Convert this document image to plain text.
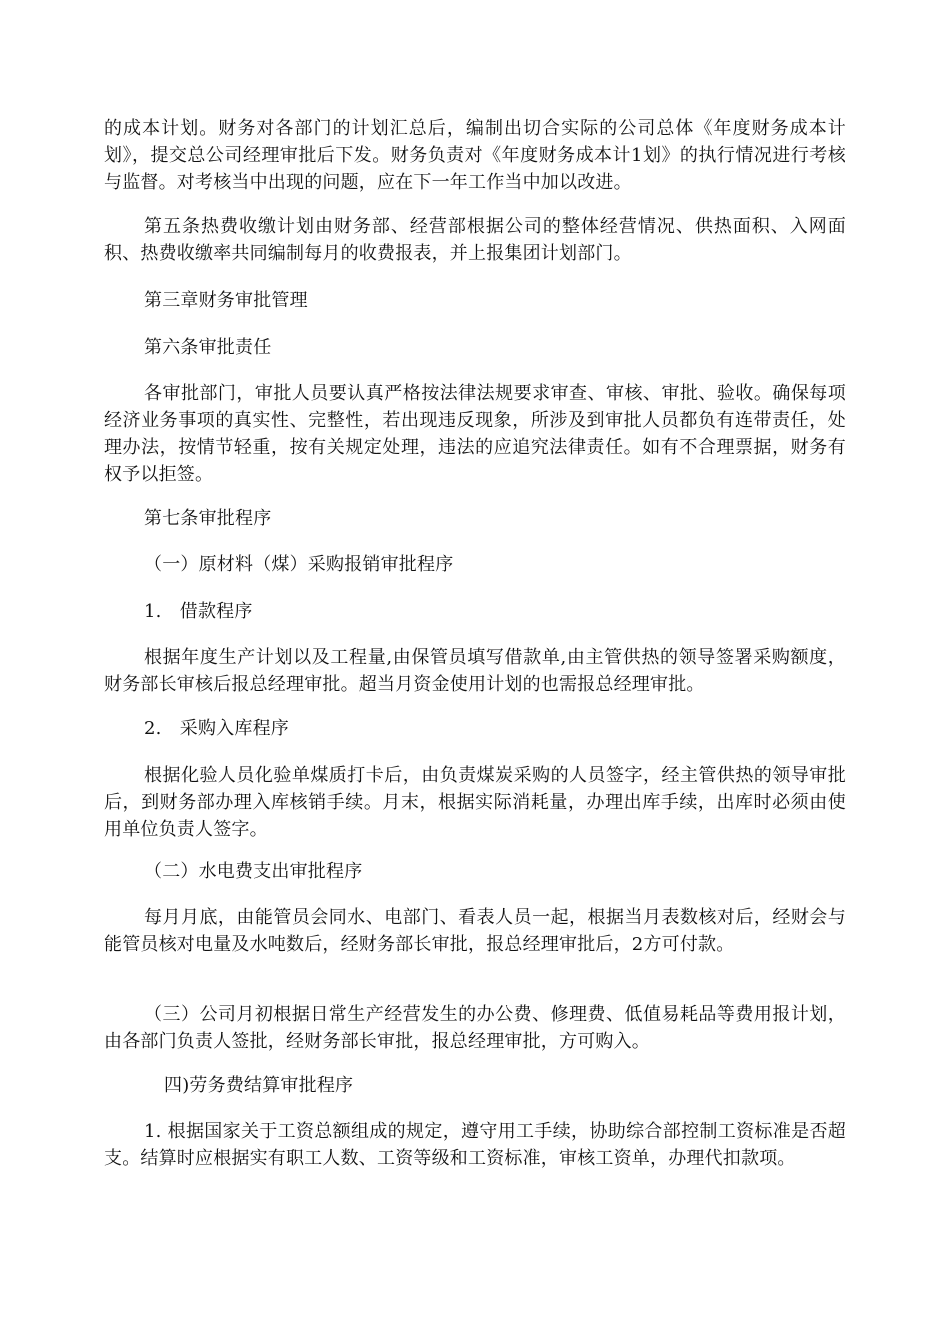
的成本计划。财务对各部门的计划汇总后，编制出切合实际的公司总体《年度财务成本计划》，提交总公司经理审批后下发。财务负责对《年度财务成本计1划》的执行情况进行考核与监督。对考核当中出现的问题，应在下一年工作当中加以改进。

第五条热费收缴计划由财务部、经营部根据公司的整体经营情况、供热面积、入网面积、热费收缴率共同编制每月的收费报表，并上报集团计划部门。

第三章财务审批管理

第六条审批责任

各审批部门，审批人员要认真严格按法律法规要求审查、审核、审批、验收。确保每项经济业务事项的真实性、完整性，若出现违反现象，所涉及到审批人员都负有连带责任，处理办法，按情节轻重，按有关规定处理，违法的应追究法律责任。如有不合理票据，财务有权予以拒签。

第七条审批程序

（一）原材料（煤）采购报销审批程序

1.　借款程序

根据年度生产计划以及工程量,由保管员填写借款单,由主管供热的领导签署采购额度，财务部长审核后报总经理审批。超当月资金使用计划的也需报总经理审批。

2.　采购入库程序

根据化验人员化验单煤质打卡后，由负责煤炭采购的人员签字，经主管供热的领导审批后，到财务部办理入库核销手续。月末，根据实际消耗量，办理出库手续，出库时必须由使用单位负责人签字。

（二）水电费支出审批程序

每月月底，由能管员会同水、电部门、看表人员一起，根据当月表数核对后，经财会与能管员核对电量及水吨数后，经财务部长审批，报总经理审批后，2方可付款。

（三）公司月初根据日常生产经营发生的办公费、修理费、低值易耗品等费用报计划，由各部门负责人签批，经财务部长审批，报总经理审批，方可购入。

四)劳务费结算审批程序

1. 根据国家关于工资总额组成的规定，遵守用工手续，协助综合部控制工资标准是否超支。结算时应根据实有职工人数、工资等级和工资标准，审核工资单，办理代扣款项。
